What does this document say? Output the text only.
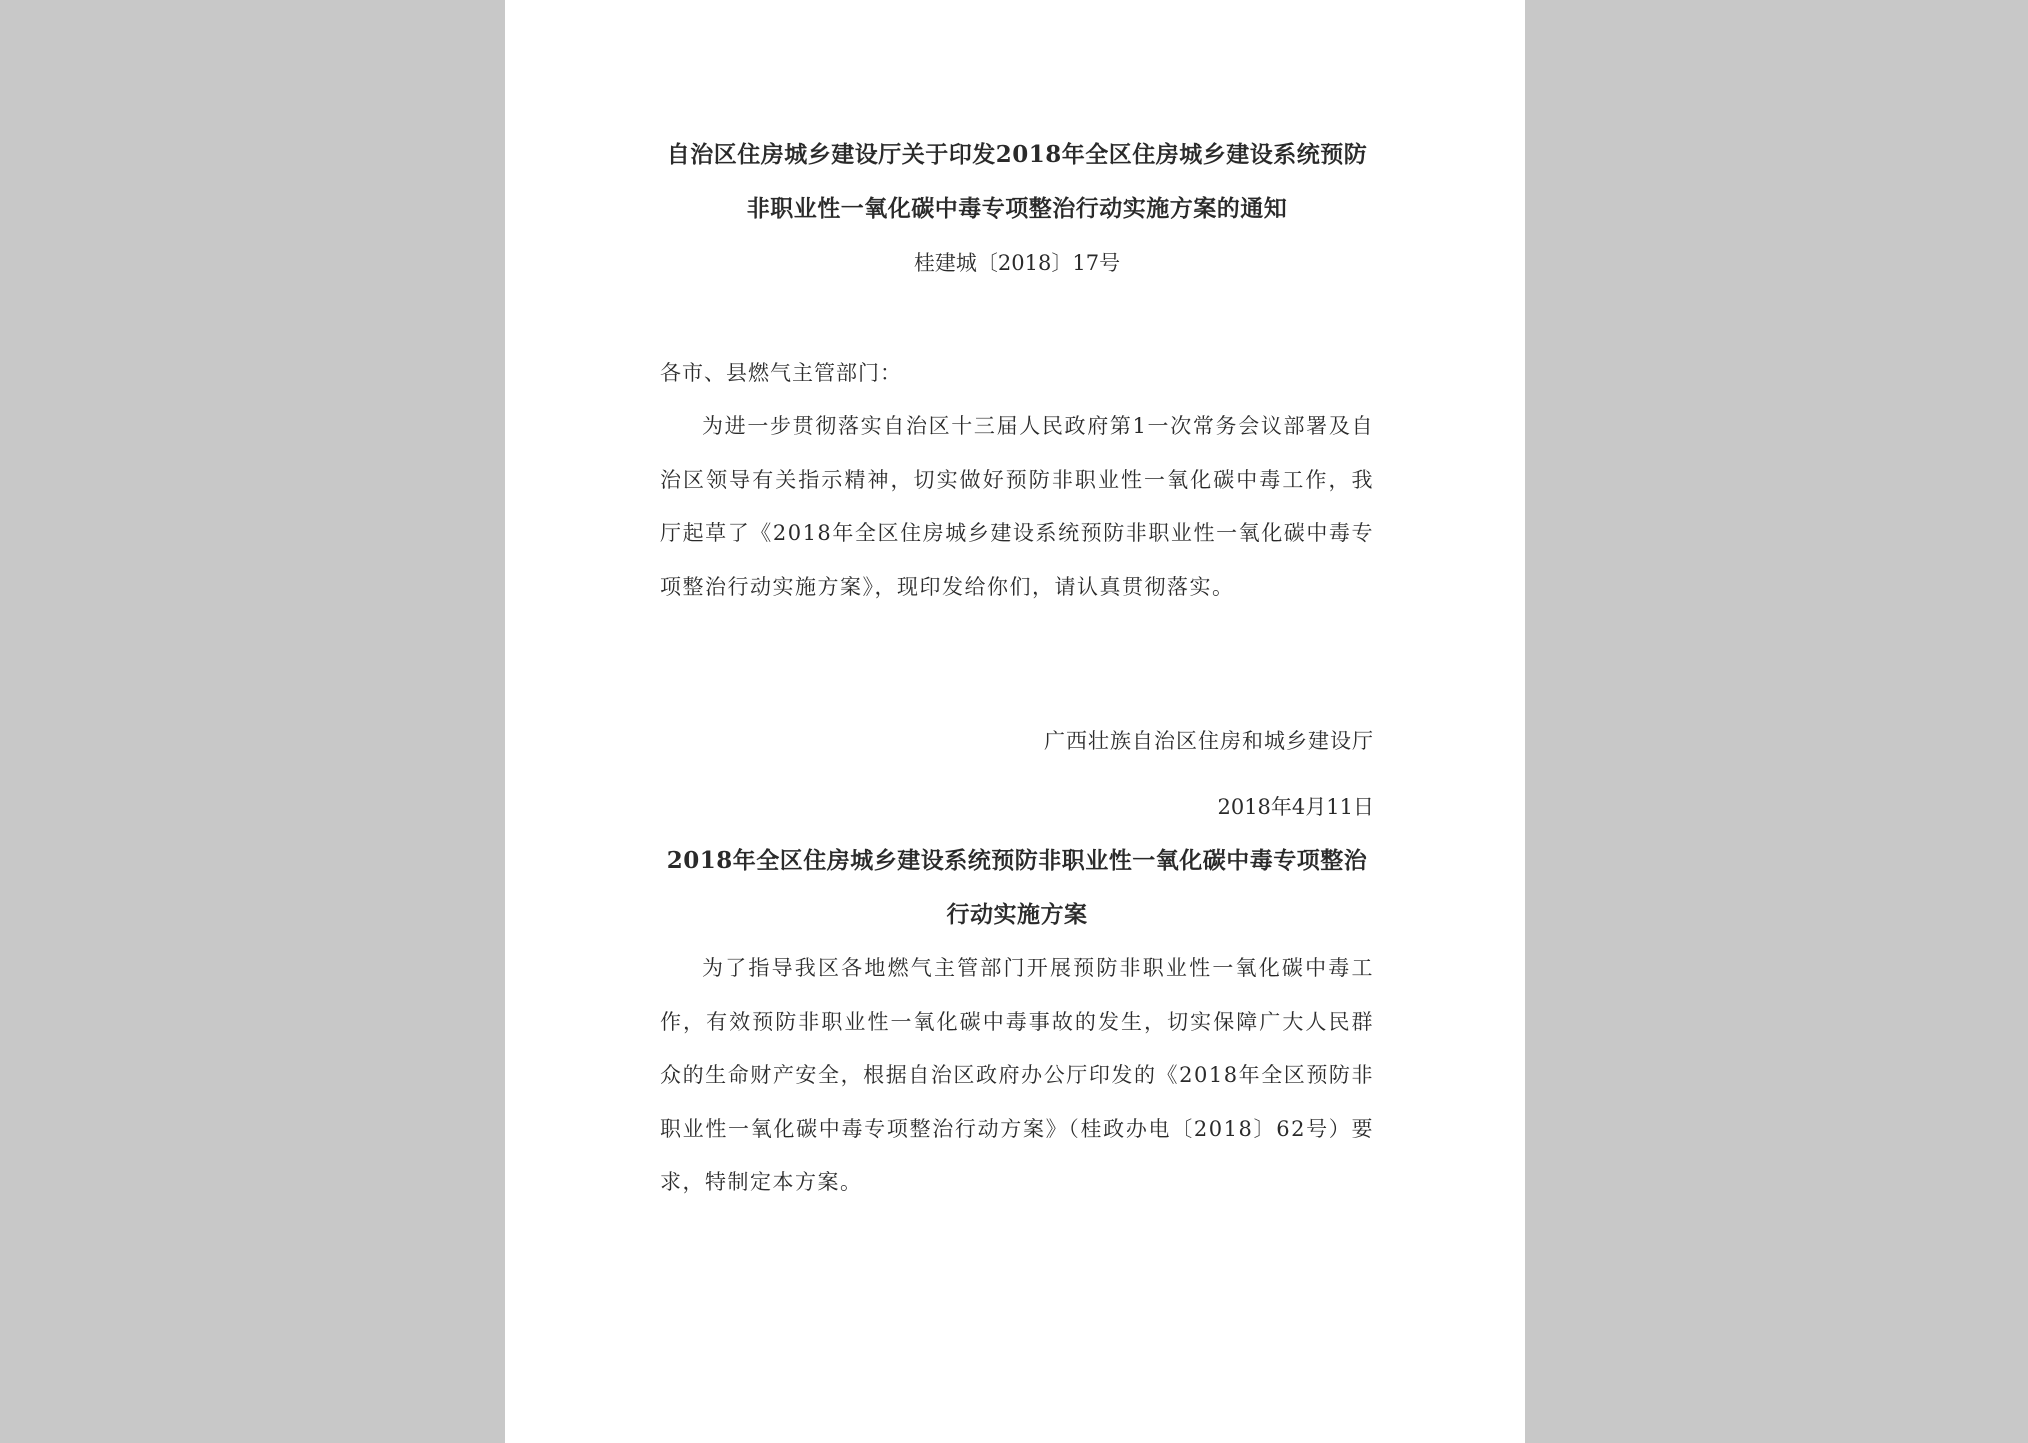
自治区住房城乡建设厅关于印发2018年全区住房城乡建设系统预防

非职业性一氧化碳中毒专项整治行动实施方案的通知

桂建城〔2018〕17号

各市、县燃气主管部门：

为进一步贯彻落实自治区十三届人民政府第1一次常务会议部署及自治区领导有关指示精神，切实做好预防非职业性一氧化碳中毒工作，我厅起草了《2018年全区住房城乡建设系统预防非职业性一氧化碳中毒专项整治行动实施方案》，现印发给你们，请认真贯彻落实。

广西壮族自治区住房和城乡建设厅

2018年4月11日

2018年全区住房城乡建设系统预防非职业性一氧化碳中毒专项整治

行动实施方案

为了指导我区各地燃气主管部门开展预防非职业性一氧化碳中毒工作，有效预防非职业性一氧化碳中毒事故的发生，切实保障广大人民群众的生命财产安全，根据自治区政府办公厅印发的《2018年全区预防非职业性一氧化碳中毒专项整治行动方案》（桂政办电〔2018〕62号）要求，特制定本方案。
